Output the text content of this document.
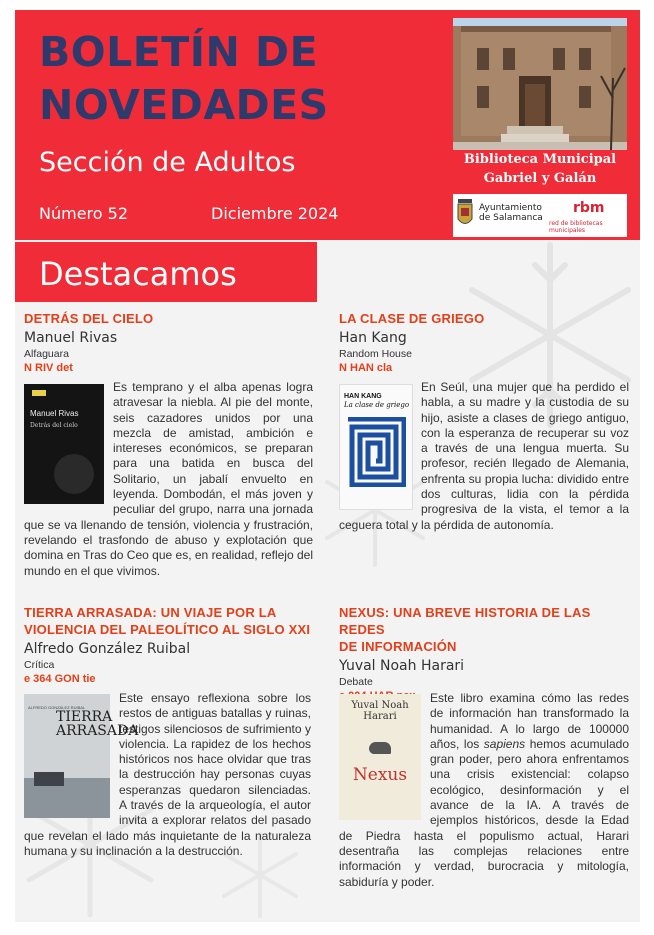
BOLETÍN DE
NOVEDADES
Sección de Adultos
Número 52	Diciembre 2024
Biblioteca Municipal
Gabriel y Galán
Ayuntamiento
de Salamanca
rbm
red de bibliotecas municipales
Destacamos
DETRÁS DEL CIELO
Manuel Rivas
Alfaguara
N RIV det

Manuel Rivas
Detrás del cielo
Es temprano y el alba apenas logra atravesar la niebla. Al pie del monte, seis cazadores unidos por una mezcla de amistad, ambición e intereses económicos, se preparan para una batida en busca del Solitario, un jabalí envuelto en leyenda. Dombodán, el más joven y peculiar del grupo, narra una jornada que se va llenando de tensión, violencia y frustración, revelando el trasfondo de abuso y explotación que domina en Tras do Ceo que es, en realidad, reflejo del mundo en el que vivimos.

LA CLASE DE GRIEGO
Han Kang
Random House
N HAN cla

HAN KANG
La clase de griego
En Seúl, una mujer que ha perdido el habla, a su madre y la custodia de su hijo, asiste a clases de griego antiguo, con la esperanza de recuperar su voz a través de una lengua muerta. Su profesor, recién llegado de Alemania, enfrenta su propia lucha: dividido entre dos culturas, lidia con la pérdida progresiva de la vista, el temor a la ceguera total y la pérdida de autonomía.

TIERRA ARRASADA: UN VIAJE POR LA
VIOLENCIA DEL PALEOLÍTICO AL SIGLO XXI
Alfredo González Ruibal
Crítica
e 364 GON tie

ALFREDO GONZÁLEZ RUIBAL
TIERRA ARRASADA
Este ensayo reflexiona sobre los restos de antiguas batallas y ruinas, testigos silenciosos de sufrimiento y violencia. La rapidez de los hechos históricos nos hace olvidar que tras la destrucción hay personas cuyas esperanzas quedaron silenciadas. A través de la arqueología, el autor invita a explorar relatos del pasado que revelan el lado más inquietante de la naturaleza humana y su inclinación a la destrucción.

NEXUS: UNA BREVE HISTORIA DE LAS REDES
DE INFORMACIÓN
Yuval Noah Harari
Debate

Yuval Noah Harari
Nexus
Este libro examina cómo las redes de información han transformado la humanidad. A lo largo de 100000 años, los sapiens hemos acumulado gran poder, pero ahora enfrentamos una crisis existencial: colapso ecológico, desinformación y el avance de la IA. A través de ejemplos históricos, desde la Edad de Piedra hasta el populismo actual, Harari desentraña las complejas relaciones entre información y verdad, burocracia y mitología, sabiduría y poder.
